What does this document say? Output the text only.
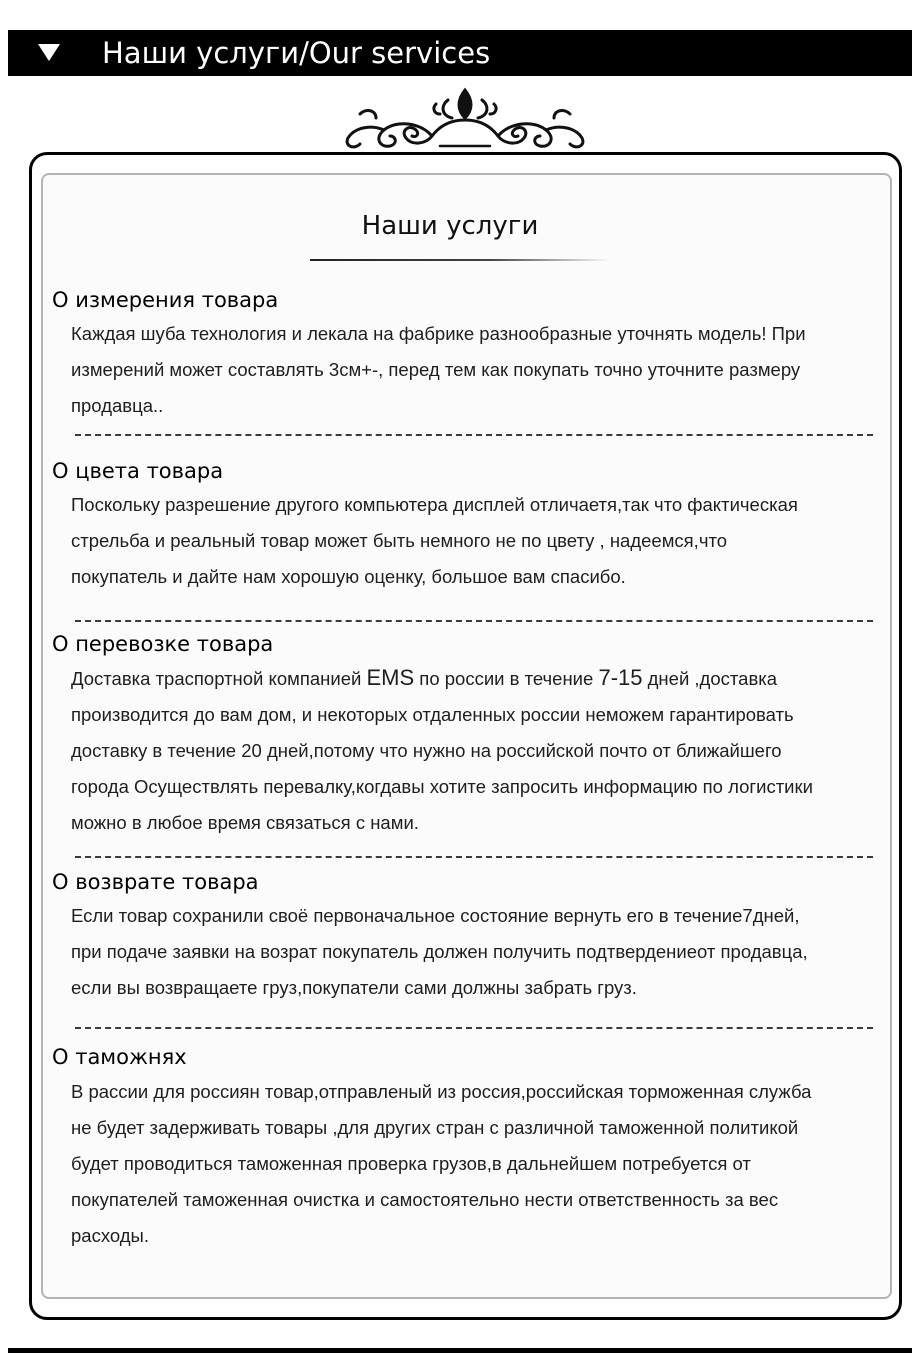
Наши услуги/Our services
Наши услуги
О измерения товара
Каждая шуба технология и лекала на фабрике разнообразные уточнять модель! При
измерений может составлять 3см+-, перед тем как покупать точно уточните размеру
продавца..
О цвета товара
Поскольку разрешение другого компьютера дисплей отличаетя,так что фактическая
стрельба и реальный товар может быть немного не по цвету , надеемся,что
покупатель и дайте нам хорошую оценку, большое вам спасибо.
О перевозке товара
Доставка траспортной компанией EMS по россии в течение 7-15 дней ,доставка
производится до вам дом, и некоторых отдаленных россии неможем гарантировать
доставку в течение 20 дней,потому что нужно на российской почто от ближайшего
города Осуществлять перевалку,когдавы хотите запросить информацию по логистики
можно в любое время связаться с нами.
О возврате товара
Если товар сохранили своё первоначальное состояние вернуть его в течение7дней,
при подаче заявки на возрат покупатель должен получить подтвердениеот продавца,
если вы возвращаете груз,покупатели сами должны забрать груз.
О таможнях
В рассии для россиян товар,отправленый из россия,российская торможенная служба
не будет задерживать товары ,для других стран с различной таможенной политикой
будет проводиться таможенная проверка грузов,в дальнейшем потребуется от
покупателей таможенная очистка и самостоятельно нести ответственность за вес
расходы.
